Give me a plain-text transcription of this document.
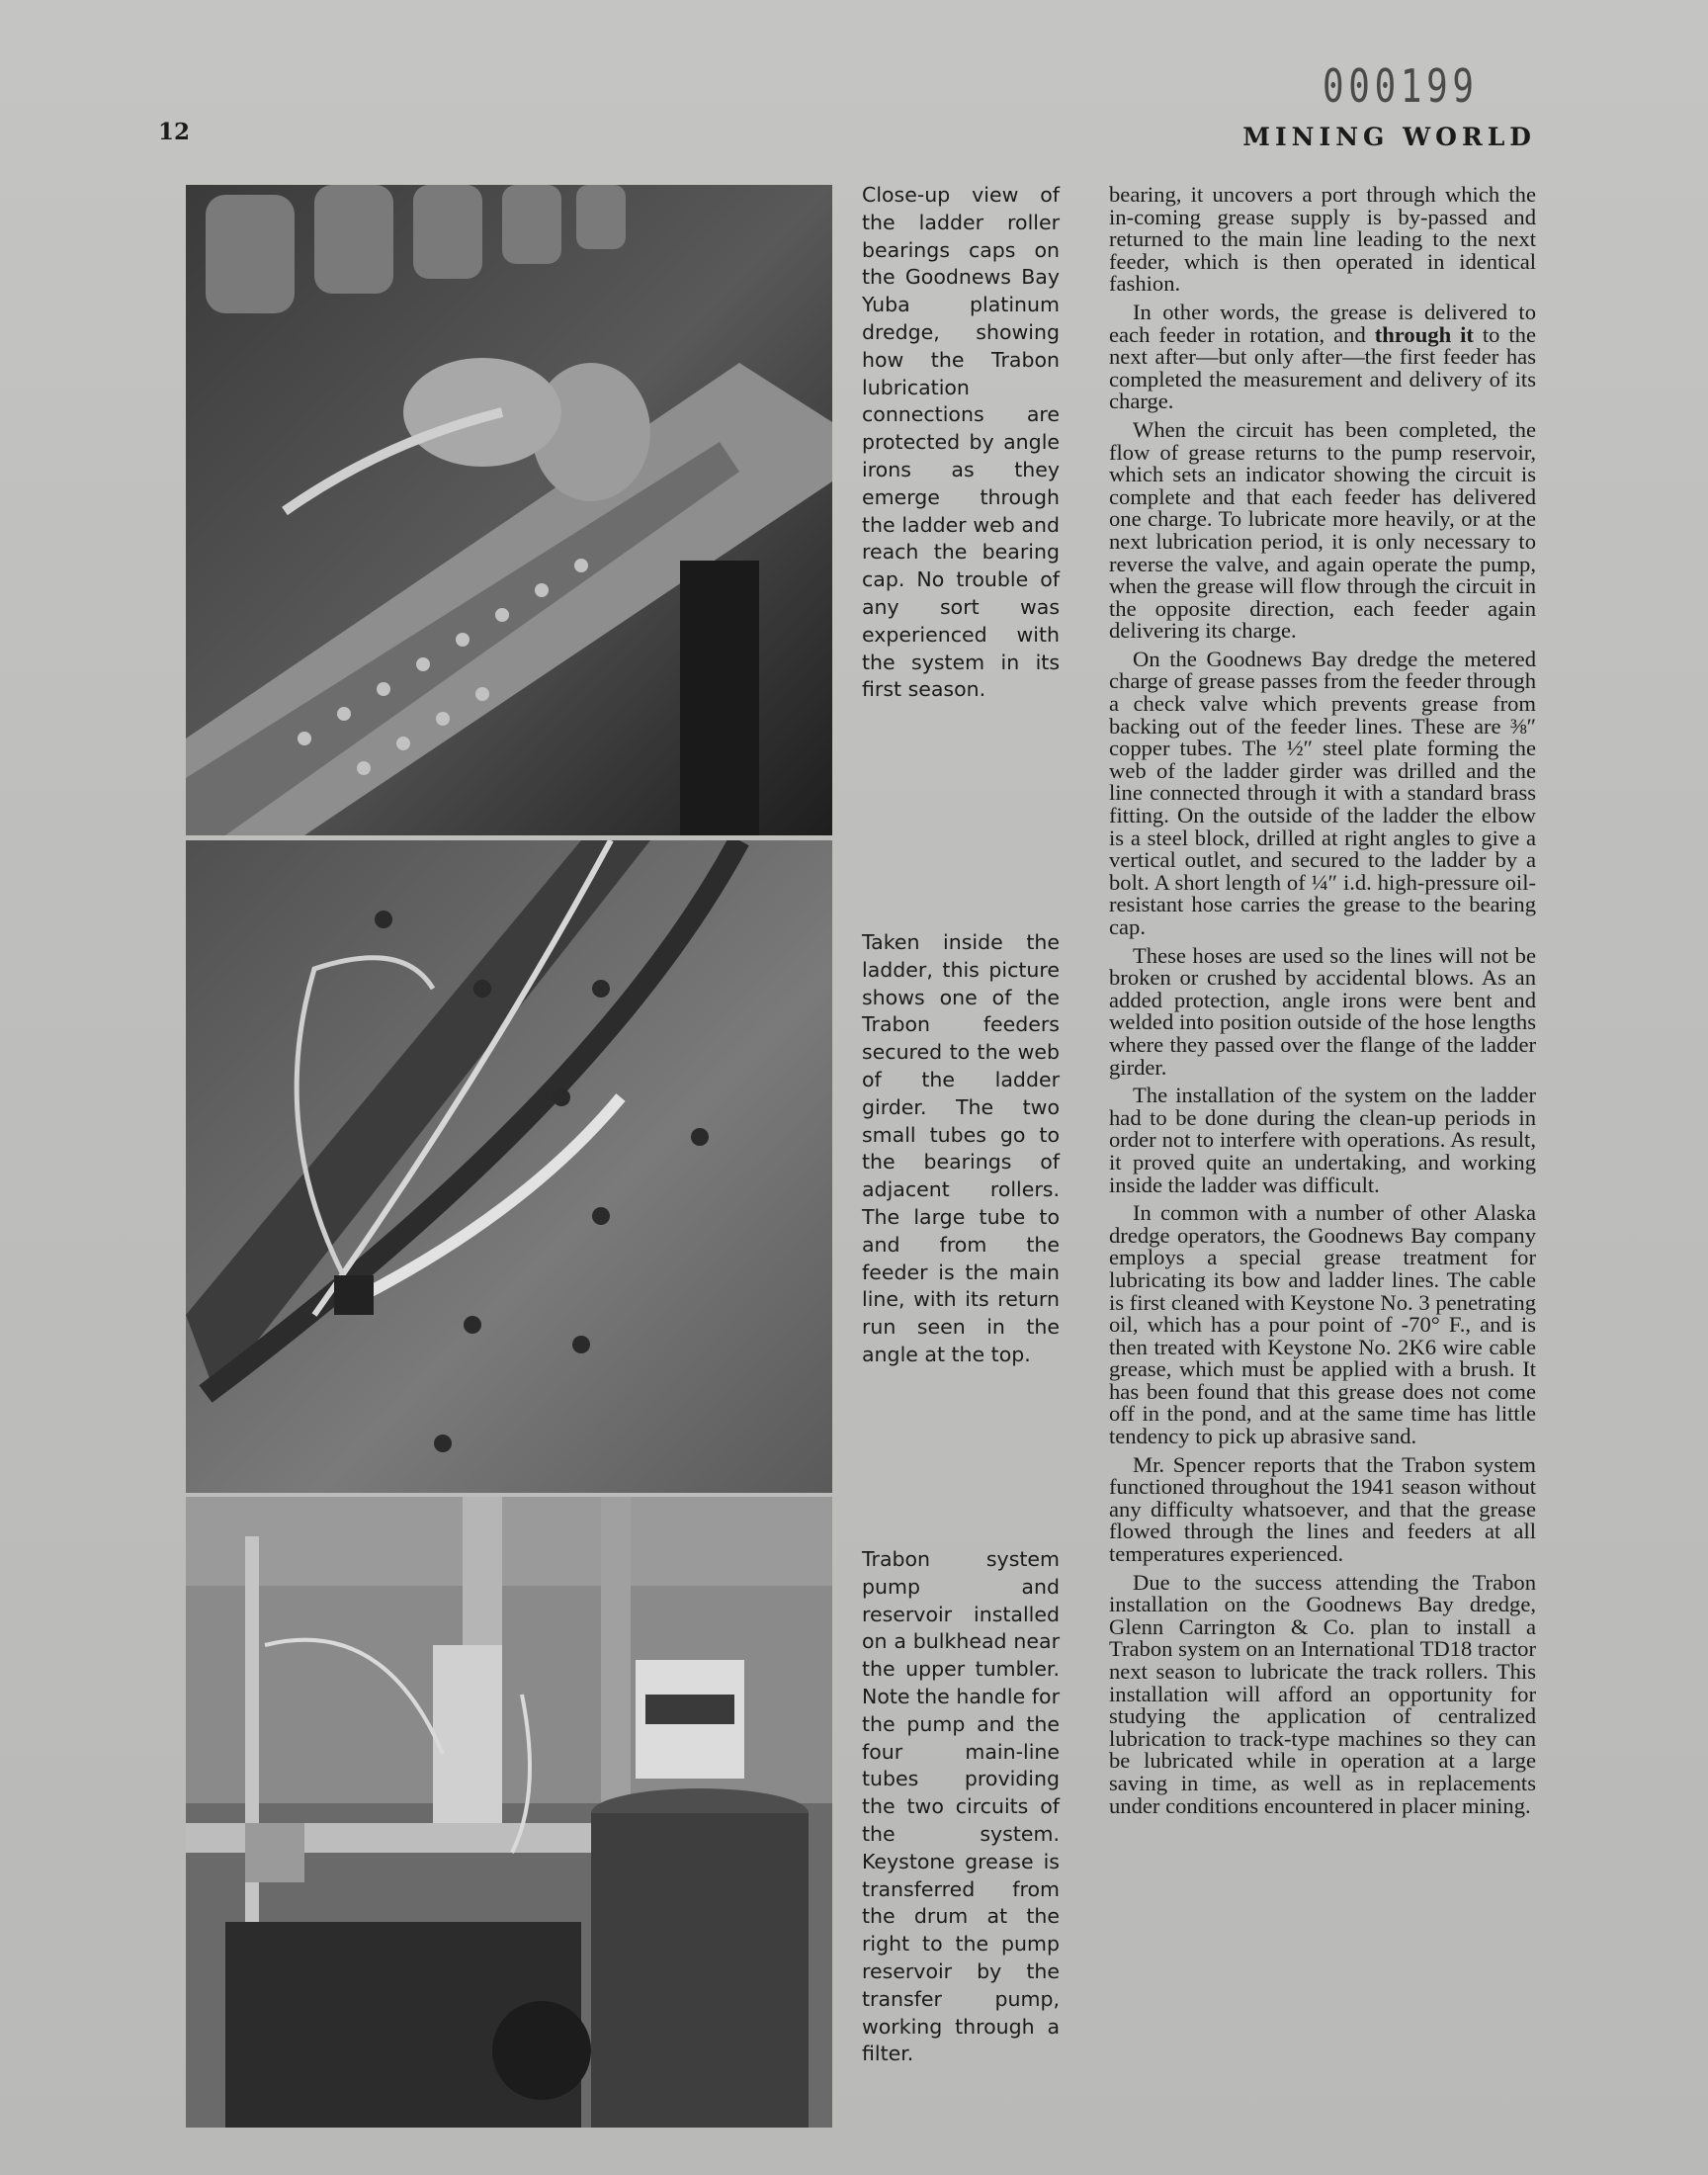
000199
12	MINING WORLD
Close-up view of the ladder roller bearings caps on the Goodnews Bay Yuba platinum dredge, showing how the Trabon lubrication connections are protected by angle irons as they emerge through the ladder web and reach the bearing cap. No trouble of any sort was experienced with the system in its first season.
Taken inside the ladder, this picture shows one of the Trabon feeders secured to the web of the ladder girder. The two small tubes go to the bearings of adjacent rollers. The large tube to and from the feeder is the main line, with its return run seen in the angle at the top.
Trabon system pump and reservoir installed on a bulkhead near the upper tumbler. Note the handle for the pump and the four main-line tubes providing the two circuits of the system. Keystone grease is transferred from the drum at the right to the pump reservoir by the transfer pump, working through a filter.

bearing, it uncovers a port through which the in-coming grease supply is by-passed and returned to the main line leading to the next feeder, which is then operated in identical fashion.

In other words, the grease is delivered to each feeder in rotation, and through it to the next after—but only after—the first feeder has completed the measurement and delivery of its charge.

When the circuit has been completed, the flow of grease returns to the pump reservoir, which sets an indicator showing the circuit is complete and that each feeder has delivered one charge. To lubricate more heavily, or at the next lubrication period, it is only necessary to reverse the valve, and again operate the pump, when the grease will flow through the circuit in the opposite direction, each feeder again delivering its charge.

On the Goodnews Bay dredge the metered charge of grease passes from the feeder through a check valve which prevents grease from backing out of the feeder lines. These are ⅜″ copper tubes. The ½″ steel plate forming the web of the ladder girder was drilled and the line connected through it with a standard brass fitting. On the outside of the ladder the elbow is a steel block, drilled at right angles to give a vertical outlet, and secured to the ladder by a bolt. A short length of ¼″ i.d. high-pressure oil-resistant hose carries the grease to the bearing cap.

These hoses are used so the lines will not be broken or crushed by accidental blows. As an added protection, angle irons were bent and welded into position outside of the hose lengths where they passed over the flange of the ladder girder.

The installation of the system on the ladder had to be done during the clean-up periods in order not to interfere with operations. As result, it proved quite an undertaking, and working inside the ladder was difficult.

In common with a number of other Alaska dredge operators, the Goodnews Bay company employs a special grease treatment for lubricating its bow and ladder lines. The cable is first cleaned with Keystone No. 3 penetrating oil, which has a pour point of -70° F., and is then treated with Keystone No. 2K6 wire cable grease, which must be applied with a brush. It has been found that this grease does not come off in the pond, and at the same time has little tendency to pick up abrasive sand.

Mr. Spencer reports that the Trabon system functioned throughout the 1941 season without any difficulty whatsoever, and that the grease flowed through the lines and feeders at all temperatures experienced.

Due to the success attending the Trabon installation on the Goodnews Bay dredge, Glenn Carrington & Co. plan to install a Trabon system on an International TD18 tractor next season to lubricate the track rollers. This installation will afford an opportunity for studying the application of centralized lubrication to track-type machines so they can be lubricated while in operation at a large saving in time, as well as in replacements under conditions encountered in placer mining.
